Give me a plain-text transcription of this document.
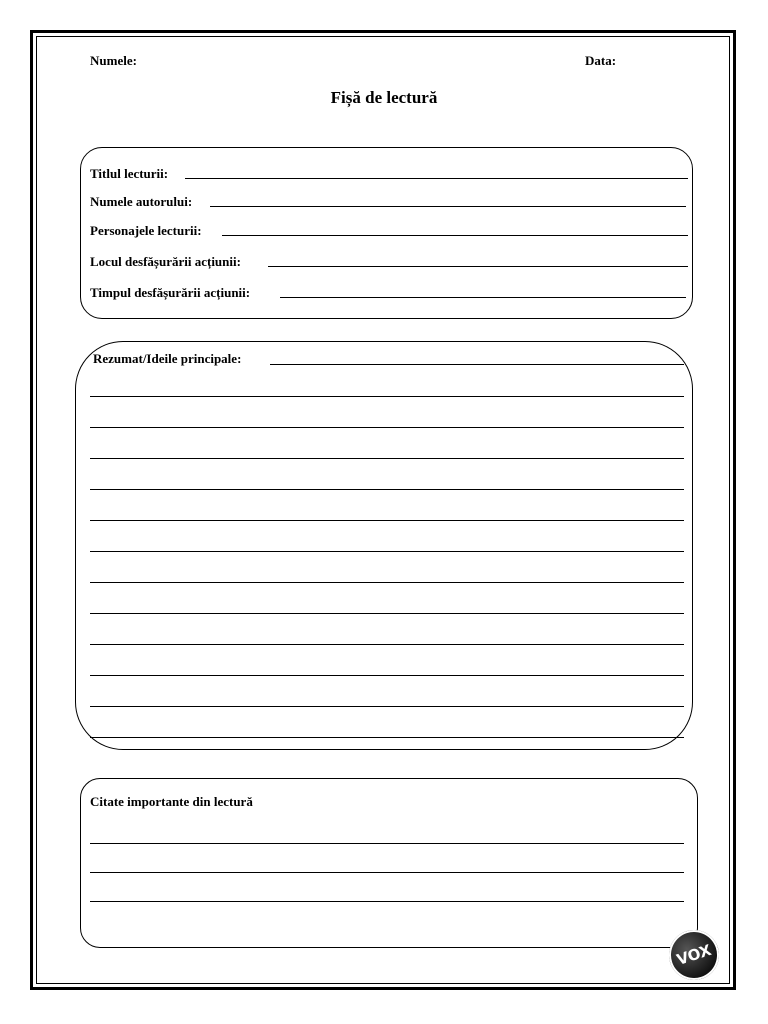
Numele:	Data:
Fișă de lectură
Titlul lecturii:
Numele autorului:
Personajele lecturii:
Locul desfășurării acțiunii:
Timpul desfășurării acțiunii:
Rezumat/Ideile principale:
Citate importante din lectură
VOX
